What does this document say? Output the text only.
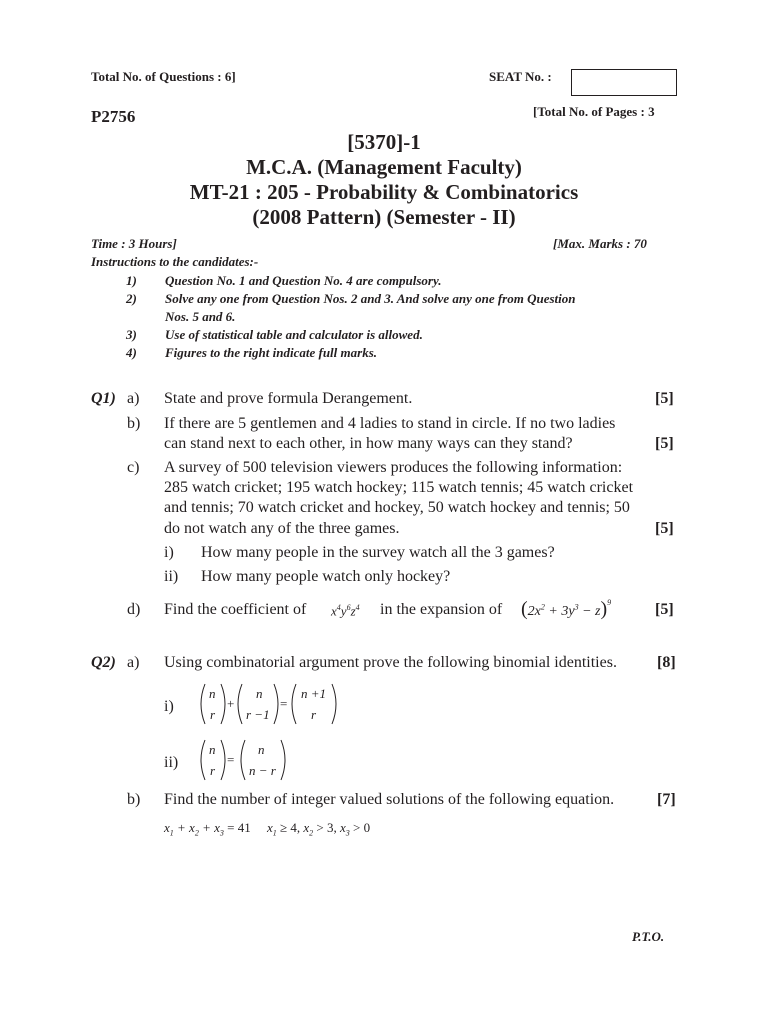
Total No. of Questions : 6]	SEAT No. :
P2756	[Total No. of Pages : 3
[5370]-1
M.C.A. (Management Faculty)
MT-21 : 205 - Probability & Combinatorics
(2008 Pattern) (Semester - II)
Time : 3 Hours]	[Max. Marks : 70
Instructions to the candidates:-
1) Question No. 1 and Question No. 4 are compulsory.
2) Solve any one from Question Nos. 2 and 3. And solve any one from Question
Nos. 5 and 6.
3) Use of statistical table and calculator is allowed.
4) Figures to the right indicate full marks.
Q1) a) State and prove formula Derangement.	[5]
b) If there are 5 gentlemen and 4 ladies to stand in circle. If no two ladies
can stand next to each other, in how many ways can they stand?	[5]
c) A survey of 500 television viewers produces the following information:
285 watch cricket; 195 watch hockey; 115 watch tennis; 45 watch cricket
and tennis; 70 watch cricket and hockey, 50 watch hockey and tennis; 50
do not watch any of the three games.	[5]
i) How many people in the survey watch all the 3 games?
ii) How many people watch only hockey?
d) Find the coefficient of $x^4y^6z^4$ in the expansion of $(2x^2 + 3y^3 - z)^9$	[5]
Q2) a) Using combinatorial argument prove the following binomial identities.	[8]
i)
n
r
+
n
r −1
=
n +1
r
ii)
n
r
=
n
n − r
b) Find the number of integer valued solutions of the following equation.	[7]
$x_1 + x_2 + x_3 = 41$     $x_1 \ge 4$, $x_2 > 3$, $x_3 > 0$
P.T.O.
